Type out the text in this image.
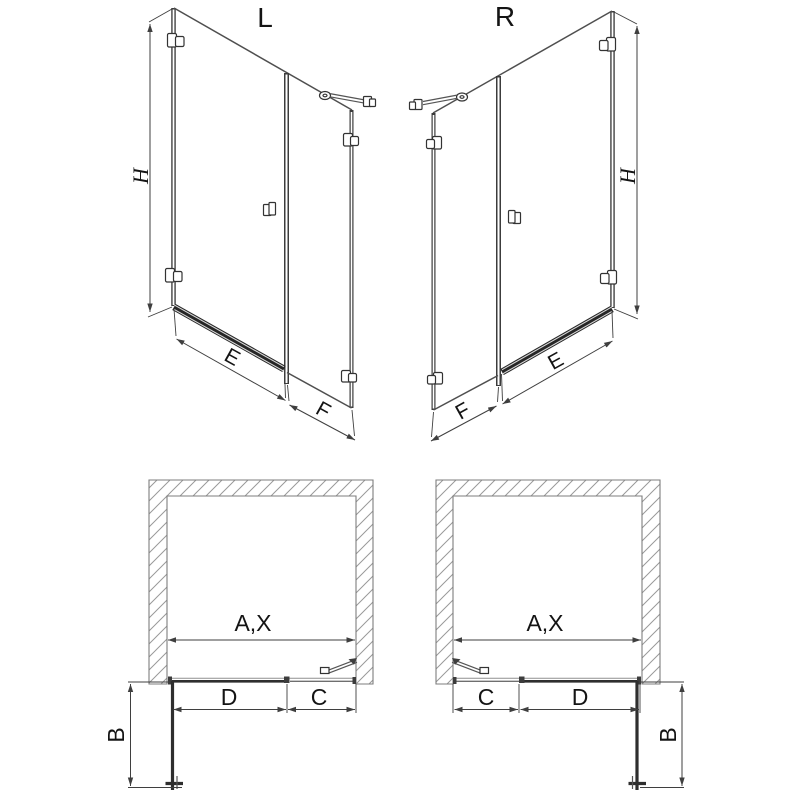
L
H
E
F
R
H
E
F
A,X
B
D	C
A,X
B
C	D
